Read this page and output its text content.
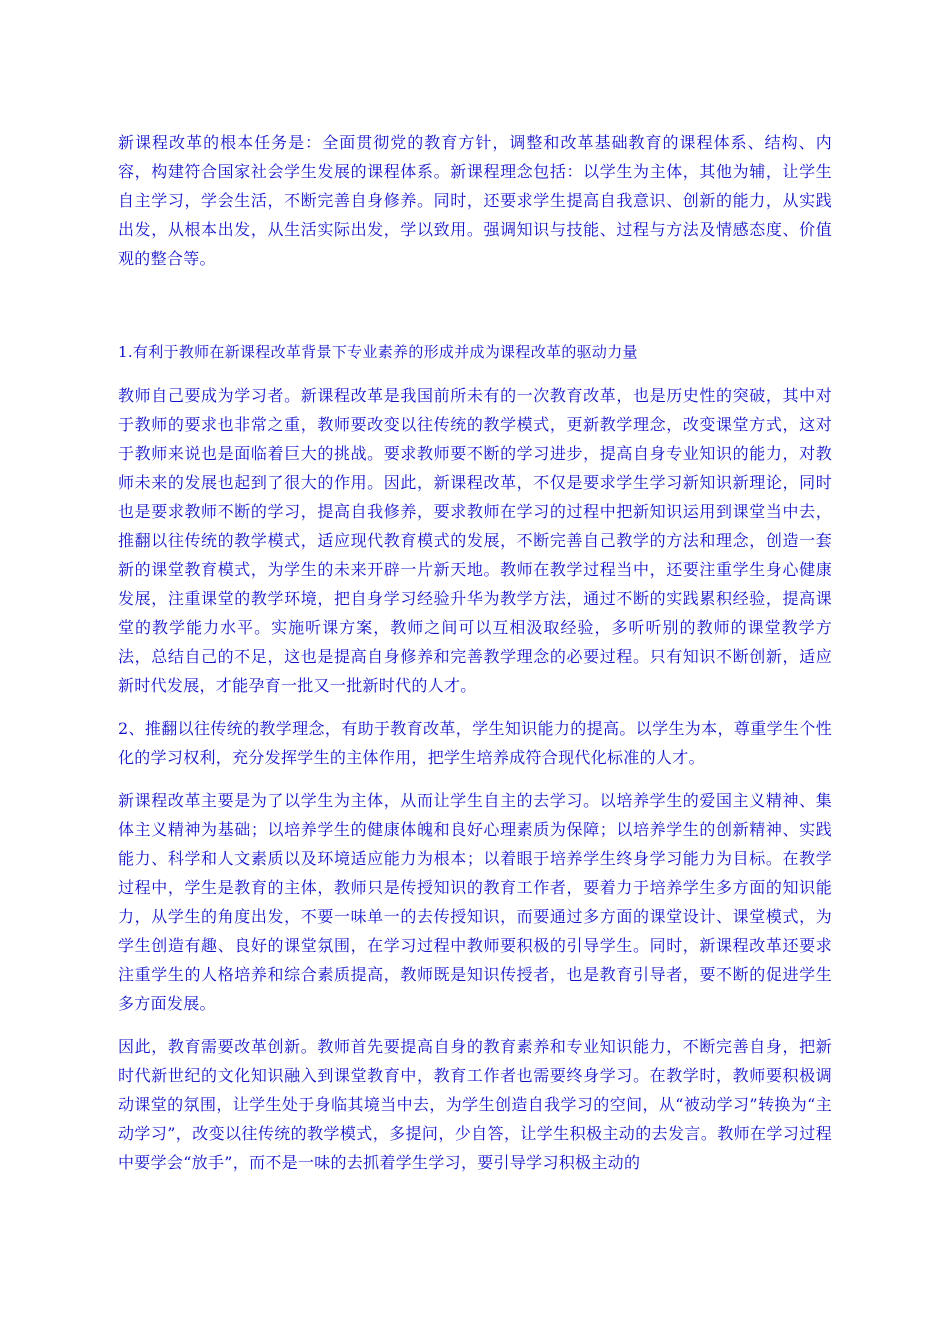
新课程改革的根本任务是：全面贯彻党的教育方针，调整和改革基础教育的课程体系、结构、内容，构建符合国家社会学生发展的课程体系。新课程理念包括：以学生为主体，其他为辅，让学生自主学习，学会生活，不断完善自身修养。同时，还要求学生提高自我意识、创新的能力，从实践出发，从根本出发，从生活实际出发，学以致用。强调知识与技能、过程与方法及情感态度、价值观的整合等。

1.有利于教师在新课程改革背景下专业素养的形成并成为课程改革的驱动力量

教师自己要成为学习者。新课程改革是我国前所未有的一次教育改革，也是历史性的突破，其中对于教师的要求也非常之重，教师要改变以往传统的教学模式，更新教学理念，改变课堂方式，这对于教师来说也是面临着巨大的挑战。要求教师要不断的学习进步，提高自身专业知识的能力，对教师未来的发展也起到了很大的作用。因此，新课程改革，不仅是要求学生学习新知识新理论，同时也是要求教师不断的学习，提高自我修养，要求教师在学习的过程中把新知识运用到课堂当中去，推翻以往传统的教学模式，适应现代教育模式的发展，不断完善自己教学的方法和理念，创造一套新的课堂教育模式，为学生的未来开辟一片新天地。教师在教学过程当中，还要注重学生身心健康发展，注重课堂的教学环境，把自身学习经验升华为教学方法，通过不断的实践累积经验，提高课堂的教学能力水平。实施听课方案，教师之间可以互相汲取经验，多听听别的教师的课堂教学方法，总结自己的不足，这也是提高自身修养和完善教学理念的必要过程。只有知识不断创新，适应新时代发展，才能孕育一批又一批新时代的人才。

2、推翻以往传统的教学理念，有助于教育改革，学生知识能力的提高。以学生为本，尊重学生个性化的学习权利，充分发挥学生的主体作用，把学生培养成符合现代化标准的人才。

新课程改革主要是为了以学生为主体，从而让学生自主的去学习。以培养学生的爱国主义精神、集体主义精神为基础；以培养学生的健康体魄和良好心理素质为保障；以培养学生的创新精神、实践能力、科学和人文素质以及环境适应能力为根本；以着眼于培养学生终身学习能力为目标。在教学过程中，学生是教育的主体，教师只是传授知识的教育工作者，要着力于培养学生多方面的知识能力，从学生的角度出发，不要一味单一的去传授知识，而要通过多方面的课堂设计、课堂模式，为学生创造有趣、良好的课堂氛围，在学习过程中教师要积极的引导学生。同时，新课程改革还要求注重学生的人格培养和综合素质提高，教师既是知识传授者，也是教育引导者，要不断的促进学生多方面发展。

因此，教育需要改革创新。教师首先要提高自身的教育素养和专业知识能力，不断完善自身，把新时代新世纪的文化知识融入到课堂教育中，教育工作者也需要终身学习。在教学时，教师要积极调动课堂的氛围，让学生处于身临其境当中去，为学生创造自我学习的空间，从“被动学习”转换为“主动学习”，改变以往传统的教学模式，多提问，少自答，让学生积极主动的去发言。教师在学习过程中要学会“放手”，而不是一味的去抓着学生学习，要引导学习积极主动的
